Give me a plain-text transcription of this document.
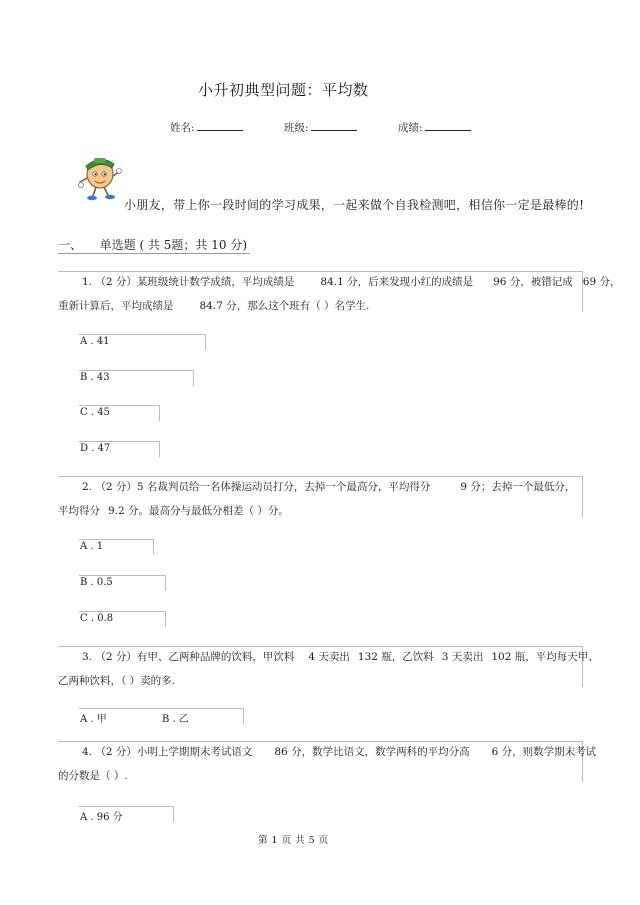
小升初典型问题：平均数
姓名:	班级:	成绩:
小朋友，带上你一段时间的学习成果，一起来做个自我检测吧，相信你一定是最棒的!
一、 单选题 ( 共 5题；共 10 分)
1. （2 分）某班级统计数学成绩，平均成绩是 84.1 分，后来发现小红的成绩是 96 分，被错记成 69 分，
重新计算后，平均成绩是 84.7 分，那么这个班有（ ）名学生.
A . 41
B . 43
C . 45
D . 47
2. （2 分）5 名裁判员给一名体操运动员打分，去掉一个最高分，平均得分	9 分；去掉一个最低分，
平均得分 9.2 分。最高分与最低分相差（ ）分。
A . 1
B . 0.5
C . 0.8
3. （2 分）有甲、乙两种品牌的饮料，甲饮料 4 天卖出 132 瓶，乙饮料 3 天卖出 102 瓶，平均每天甲、
乙两种饮料，（ ）卖的多.
A . 甲	B . 乙
4. （2 分）小明上学期期末考试语文 86 分，数学比语文，数学两科的平均分高 6 分，则数学期末考试
的分数是（ ）.
A . 96 分
第 1 页 共 5 页
